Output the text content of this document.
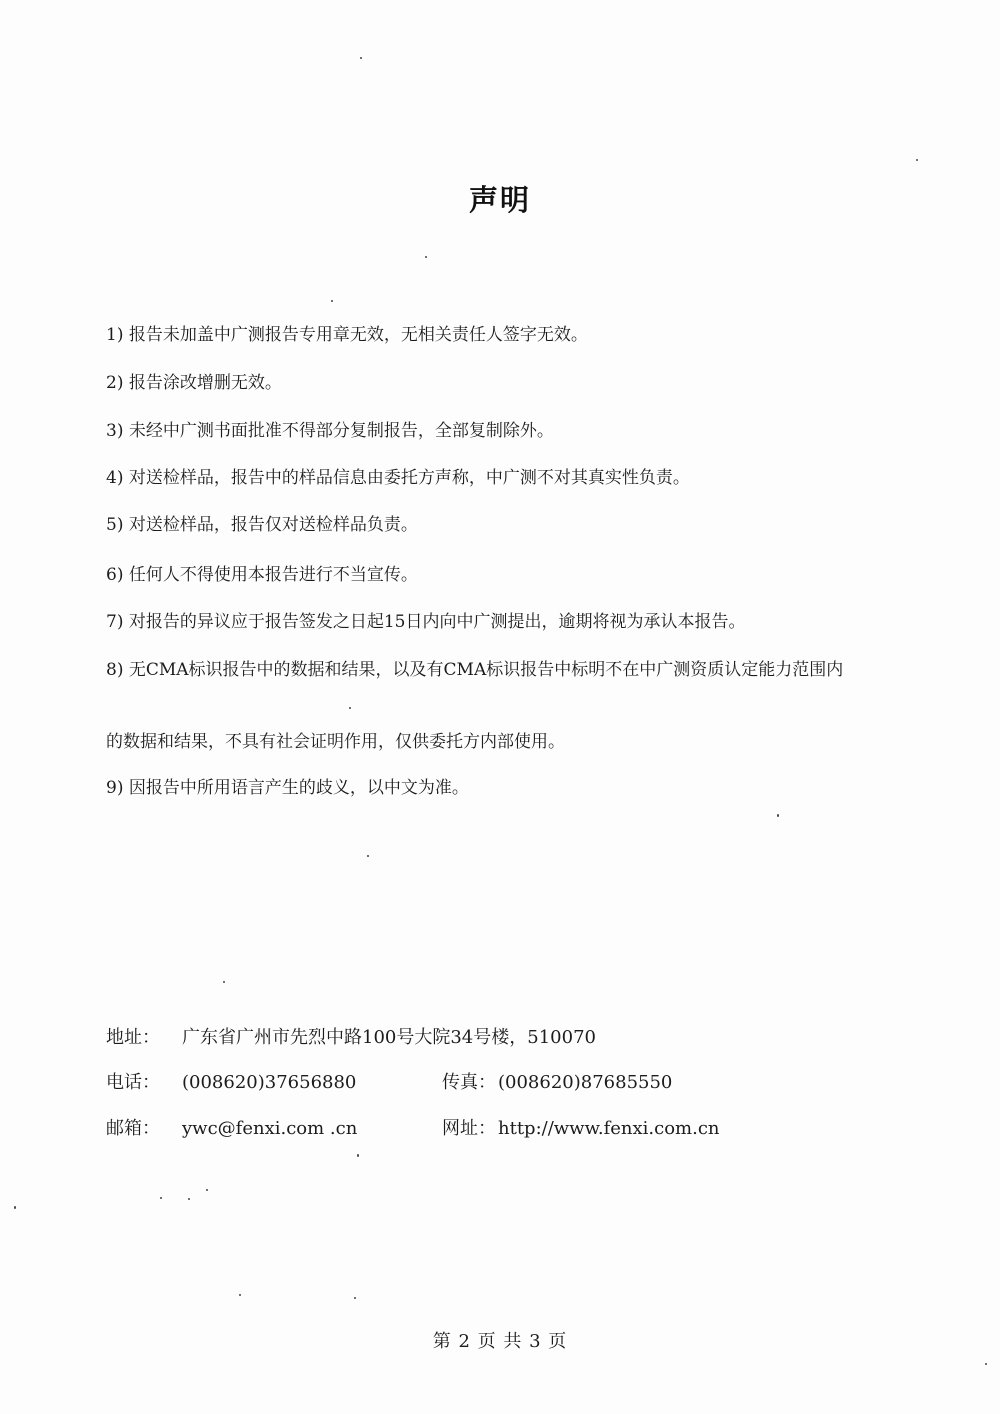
声明
1) 报告未加盖中广测报告专用章无效，无相关责任人签字无效。
2) 报告涂改增删无效。
3) 未经中广测书面批准不得部分复制报告，全部复制除外。
4) 对送检样品，报告中的样品信息由委托方声称，中广测不对其真实性负责。
5) 对送检样品，报告仅对送检样品负责。
6) 任何人不得使用本报告进行不当宣传。
7) 对报告的异议应于报告签发之日起15日内向中广测提出，逾期将视为承认本报告。
8) 无CMA标识报告中的数据和结果，以及有CMA标识报告中标明不在中广测资质认定能力范围内
的数据和结果，不具有社会证明作用，仅供委托方内部使用。
9) 因报告中所用语言产生的歧义，以中文为准。
地址： 广东省广州市先烈中路100号大院34号楼，510070
电话： (008620)37656880	传真： (008620)87685550
邮箱： ywc@fenxi.com .cn	网址： http://www.fenxi.com.cn
第 2 页 共 3 页
